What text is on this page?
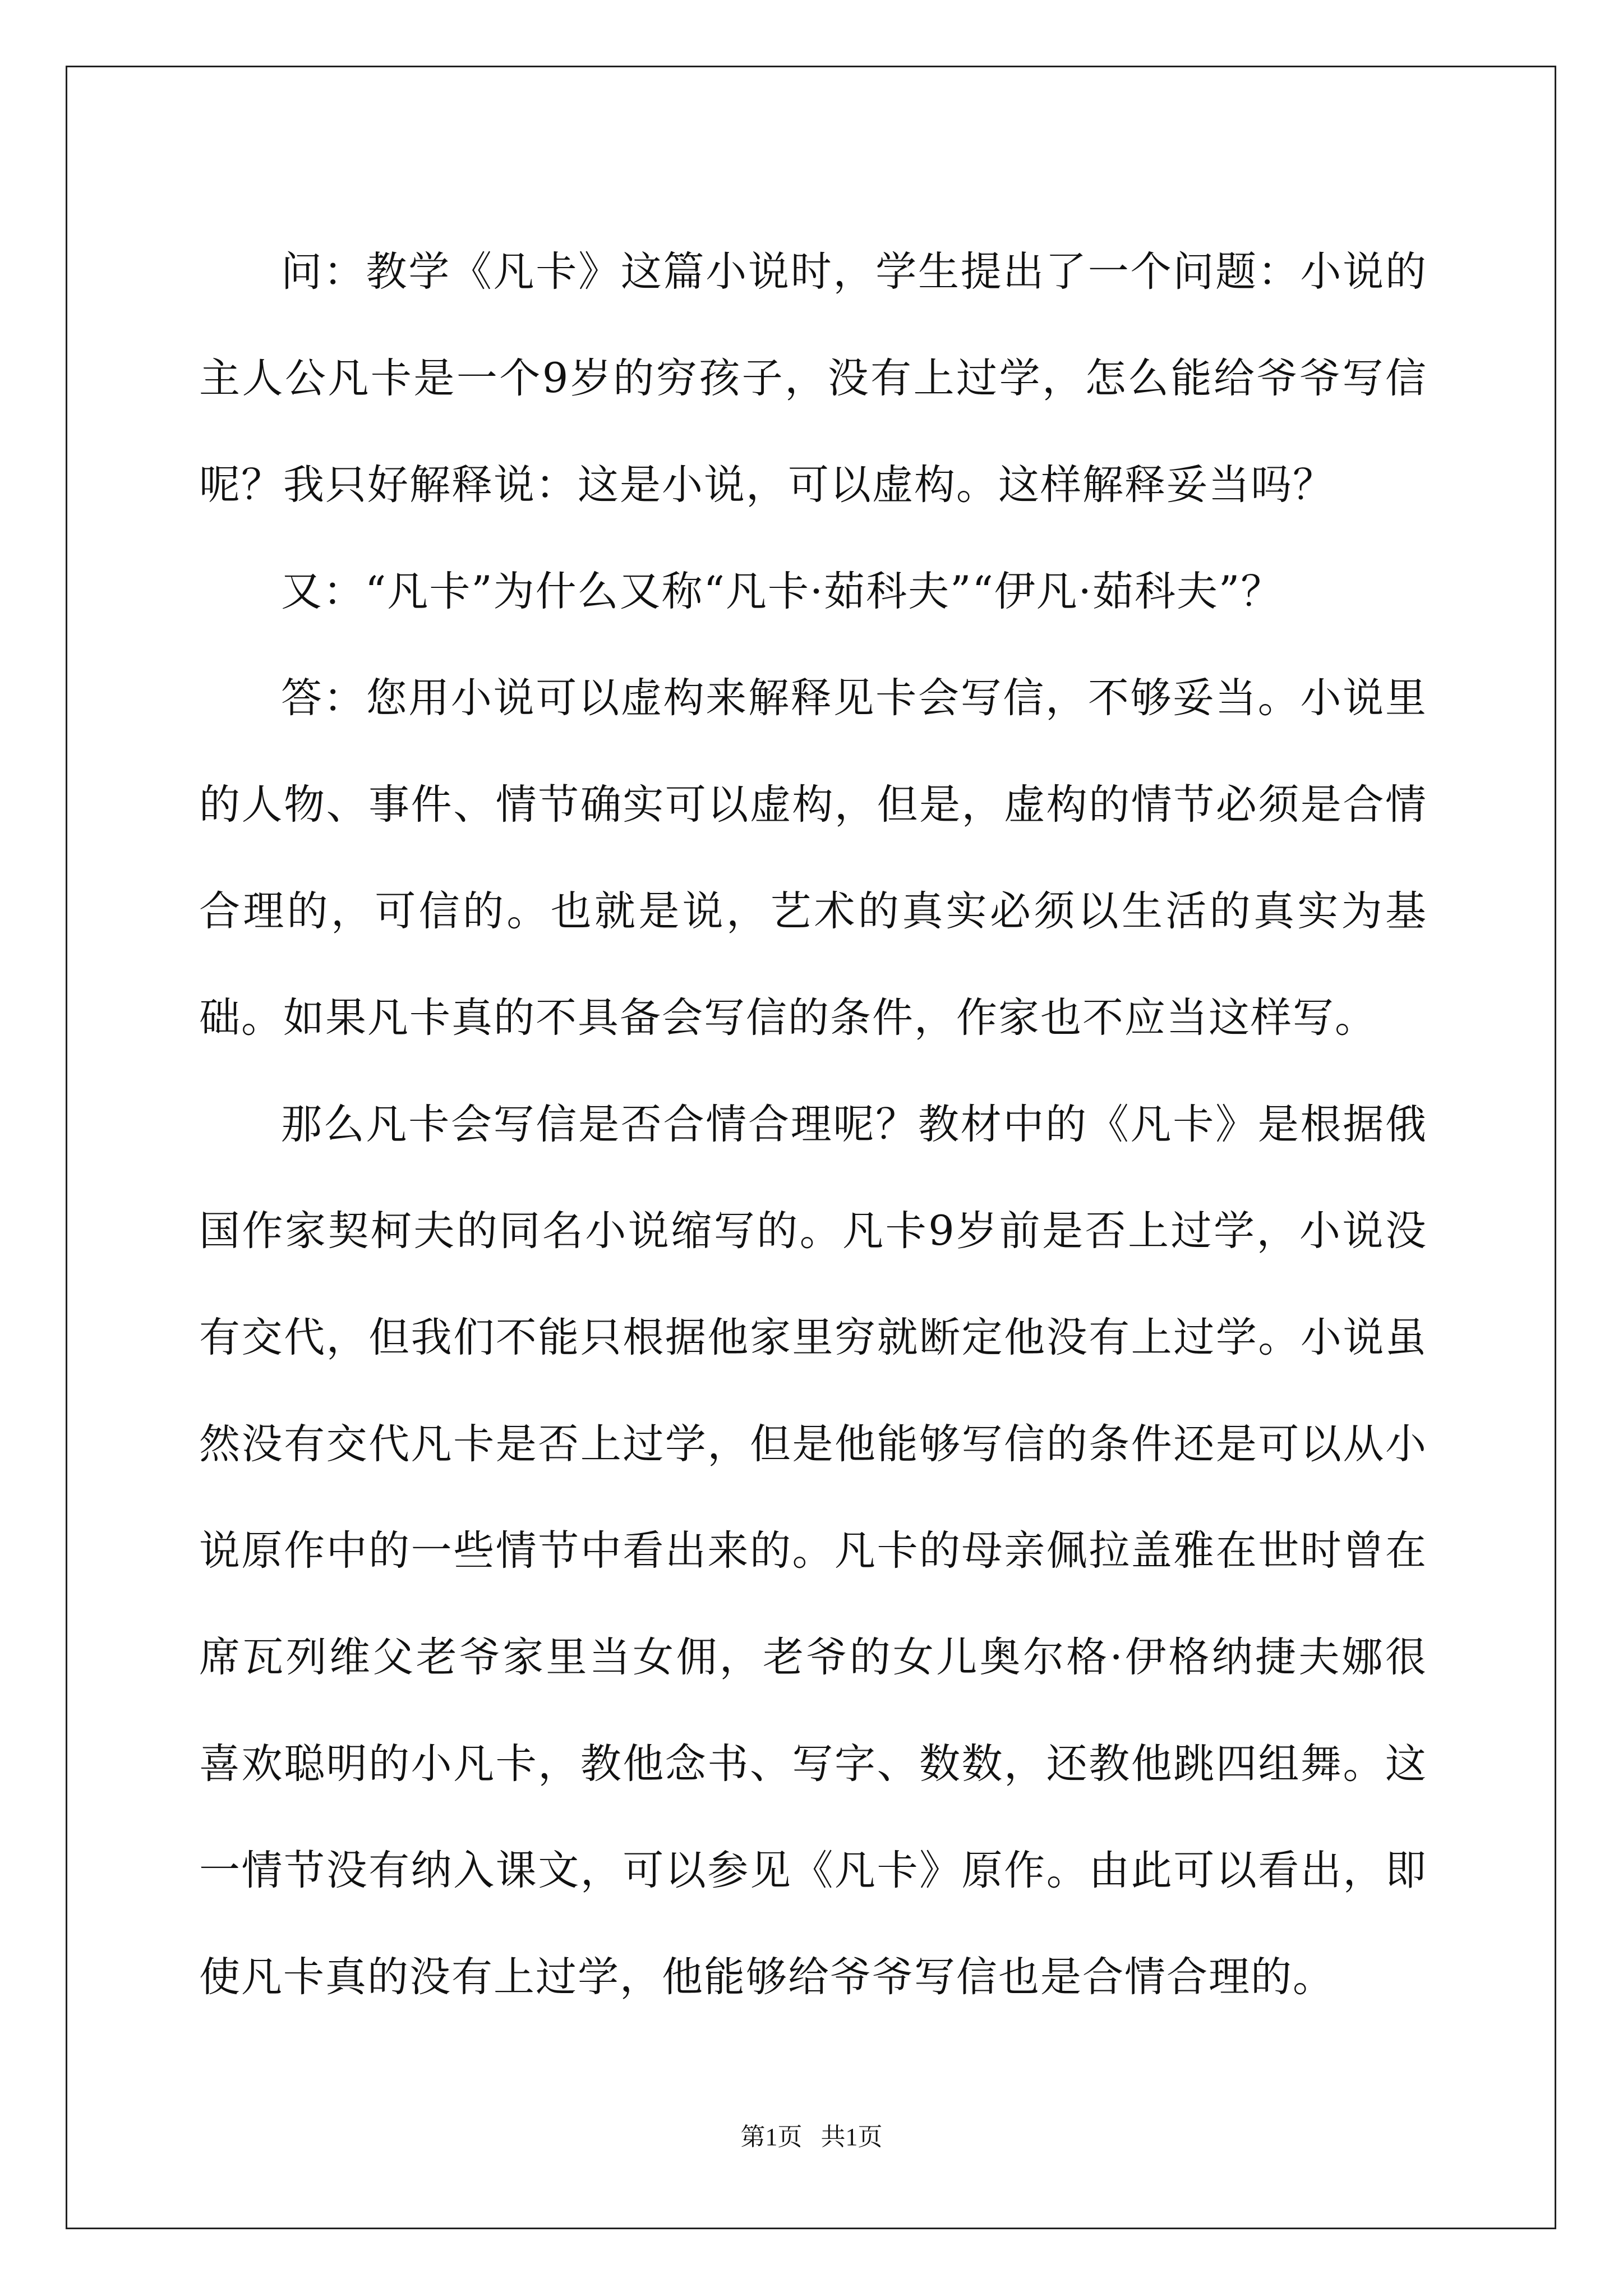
问：教学《凡卡》这篇小说时，学生提出了一个问题：小说的主人公凡卡是一个9岁的穷孩子，没有上过学，怎么能给爷爷写信呢？我只好解释说：这是小说，可以虚构。这样解释妥当吗？

又：“凡卡”为什么又称“凡卡·茹科夫”“伊凡·茹科夫”？

答：您用小说可以虚构来解释见卡会写信，不够妥当。小说里的人物、事件、情节确实可以虚构，但是，虚构的情节必须是合情合理的，可信的。也就是说，艺术的真实必须以生活的真实为基础。如果凡卡真的不具备会写信的条件，作家也不应当这样写。

那么凡卡会写信是否合情合理呢？教材中的《凡卡》是根据俄国作家契柯夫的同名小说缩写的。凡卡9岁前是否上过学，小说没有交代，但我们不能只根据他家里穷就断定他没有上过学。小说虽然没有交代凡卡是否上过学，但是他能够写信的条件还是可以从小说原作中的一些情节中看出来的。凡卡的母亲佩拉盖雅在世时曾在席瓦列维父老爷家里当女佣，老爷的女儿奥尔格·伊格纳捷夫娜很喜欢聪明的小凡卡，教他念书、写字、数数，还教他跳四组舞。这一情节没有纳入课文，可以参见《凡卡》原作。由此可以看出，即使凡卡真的没有上过学，他能够给爷爷写信也是合情合理的。

第1页   共1页
